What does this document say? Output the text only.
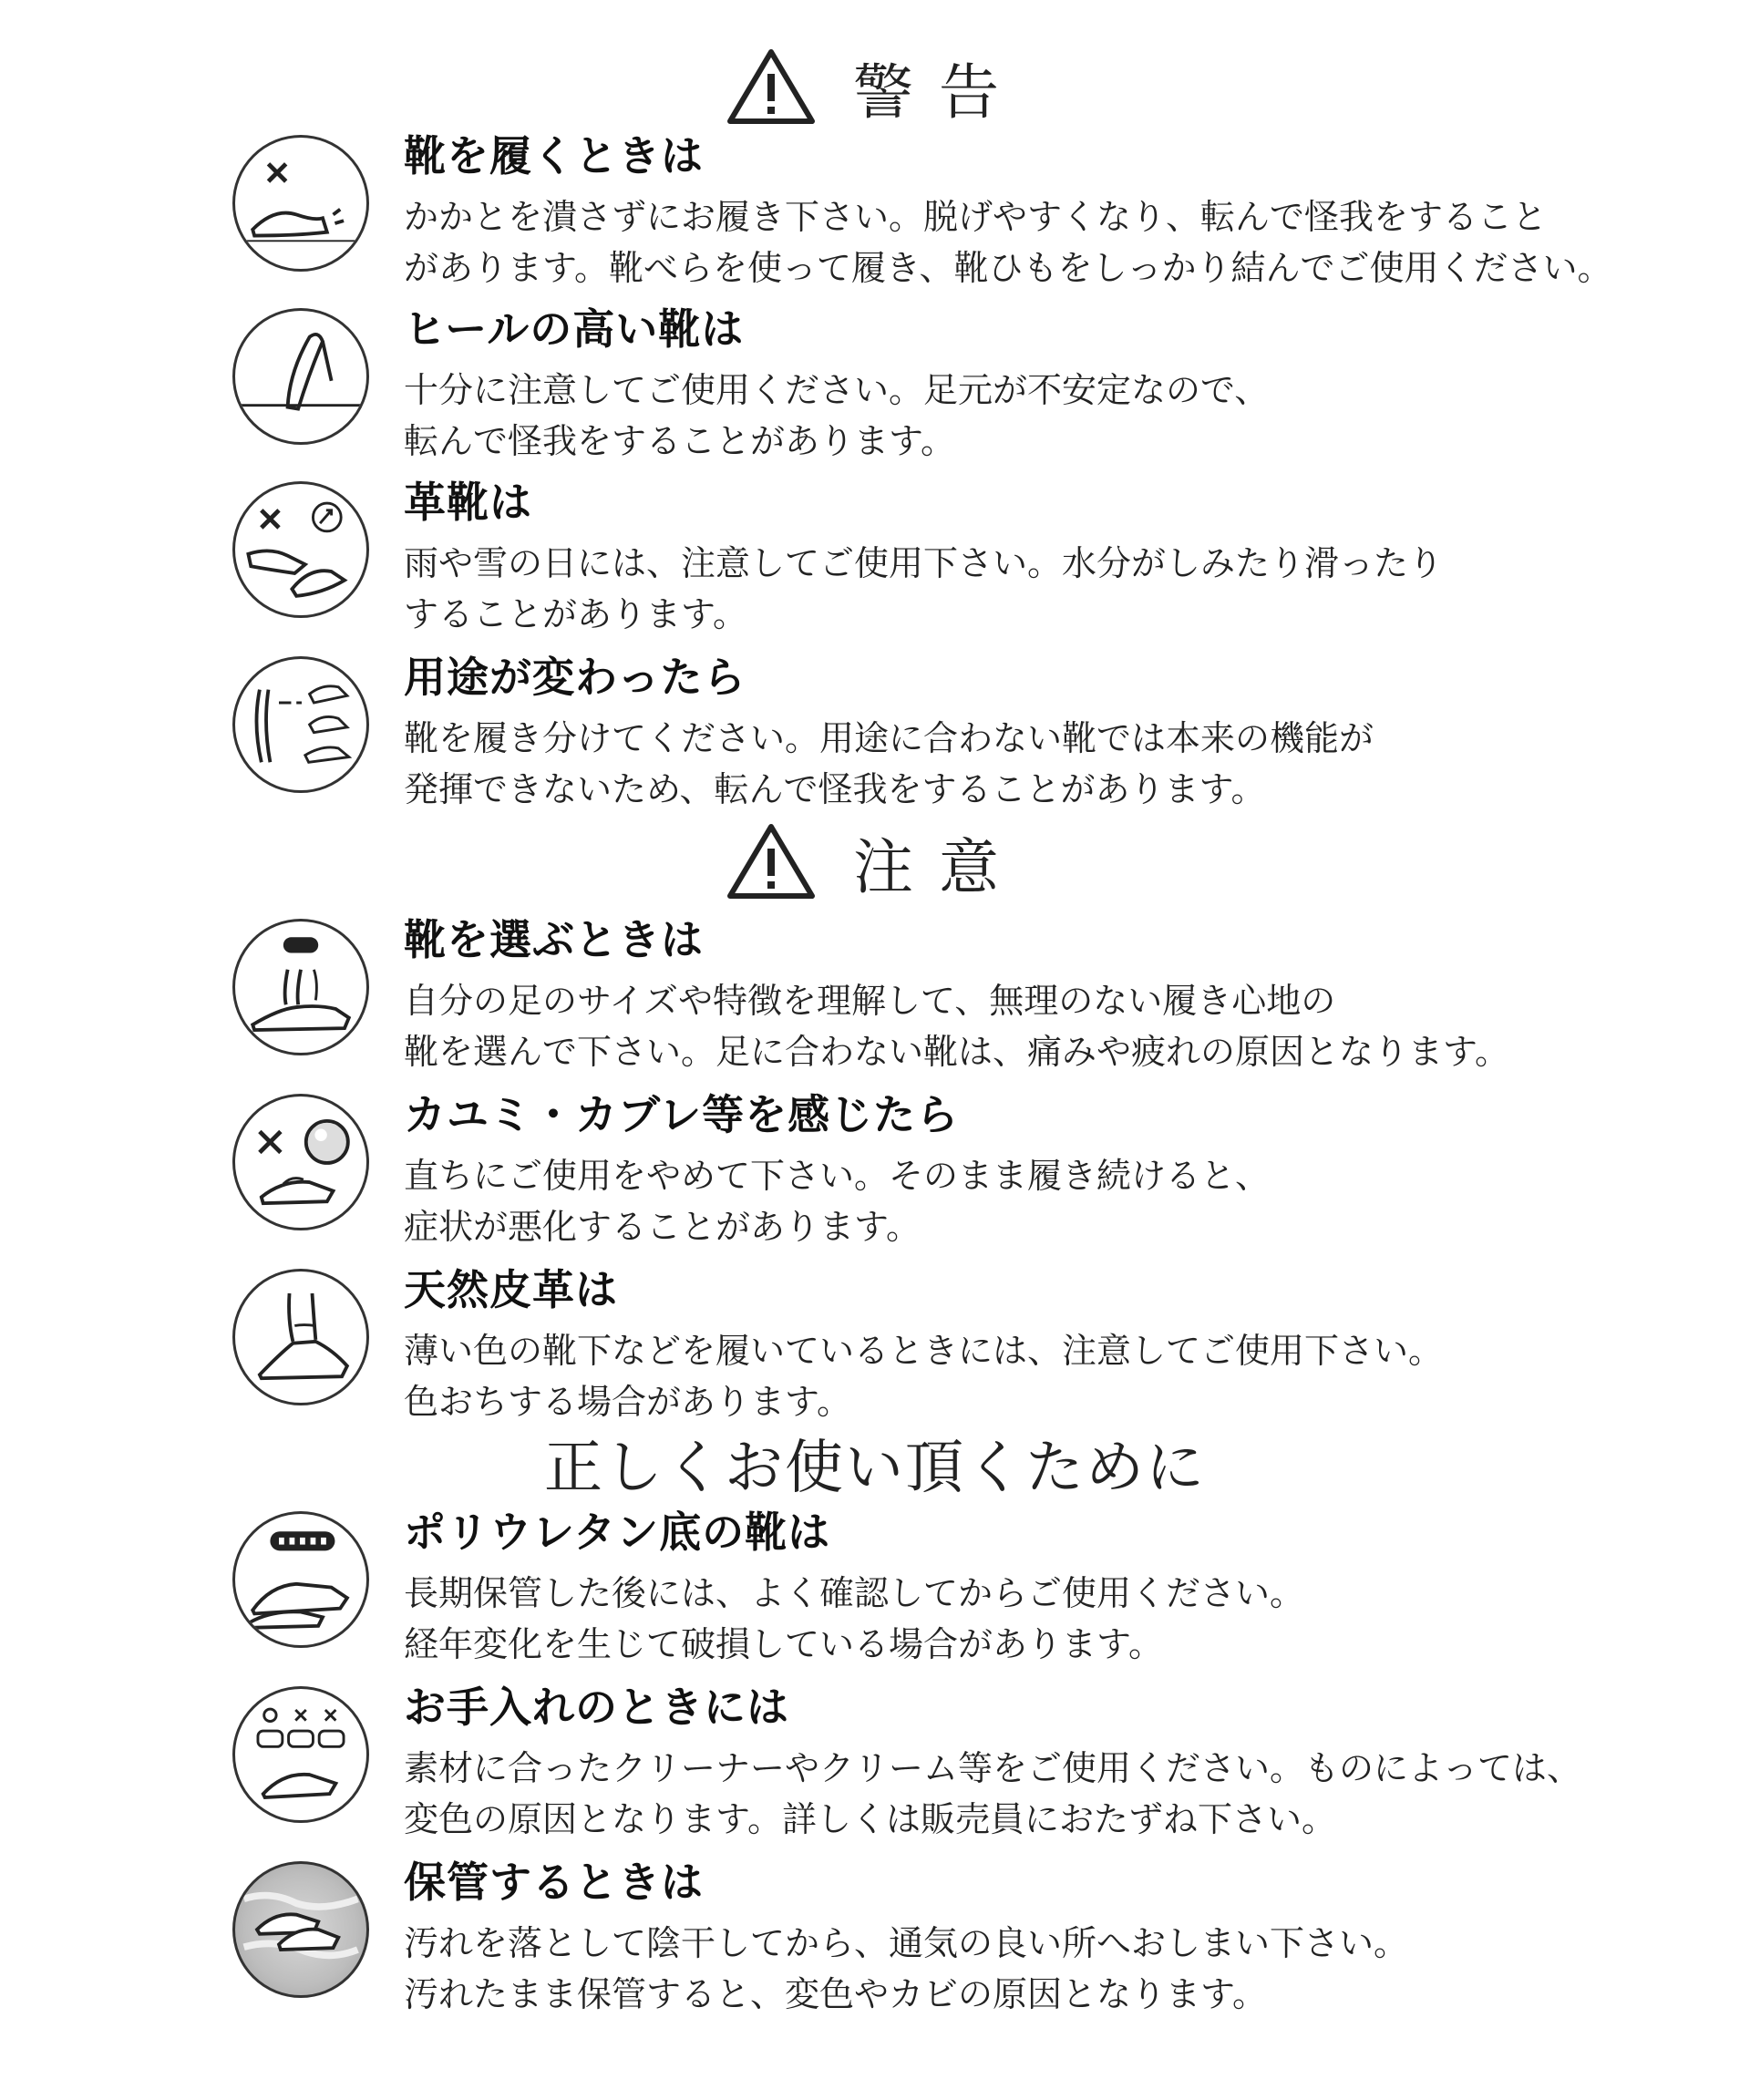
警告
靴を履くときは

かかとを潰さずにお履き下さい。脱げやすくなり、転んで怪我をすること

があります。靴べらを使って履き、靴ひもをしっかり結んでご使用ください。

ヒールの高い靴は

十分に注意してご使用ください。足元が不安定なので、

転んで怪我をすることがあります。

革靴は

雨や雪の日には、注意してご使用下さい。水分がしみたり滑ったり

することがあります。

用途が変わったら

靴を履き分けてください。用途に合わない靴では本来の機能が

発揮できないため、転んで怪我をすることがあります。

注意
靴を選ぶときは

自分の足のサイズや特徴を理解して、無理のない履き心地の

靴を選んで下さい。足に合わない靴は、痛みや疲れの原因となります。

カユミ・カブレ等を感じたら

直ちにご使用をやめて下さい。そのまま履き続けると、

症状が悪化することがあります。

天然皮革は

薄い色の靴下などを履いているときには、注意してご使用下さい。

色おちする場合があります。

正しくお使い頂くために
ポリウレタン底の靴は

長期保管した後には、よく確認してからご使用ください。

経年変化を生じて破損している場合があります。

お手入れのときには

素材に合ったクリーナーやクリーム等をご使用ください。ものによっては、

変色の原因となります。詳しくは販売員におたずね下さい。

保管するときは

汚れを落として陰干してから、通気の良い所へおしまい下さい。

汚れたまま保管すると、変色やカビの原因となります。
